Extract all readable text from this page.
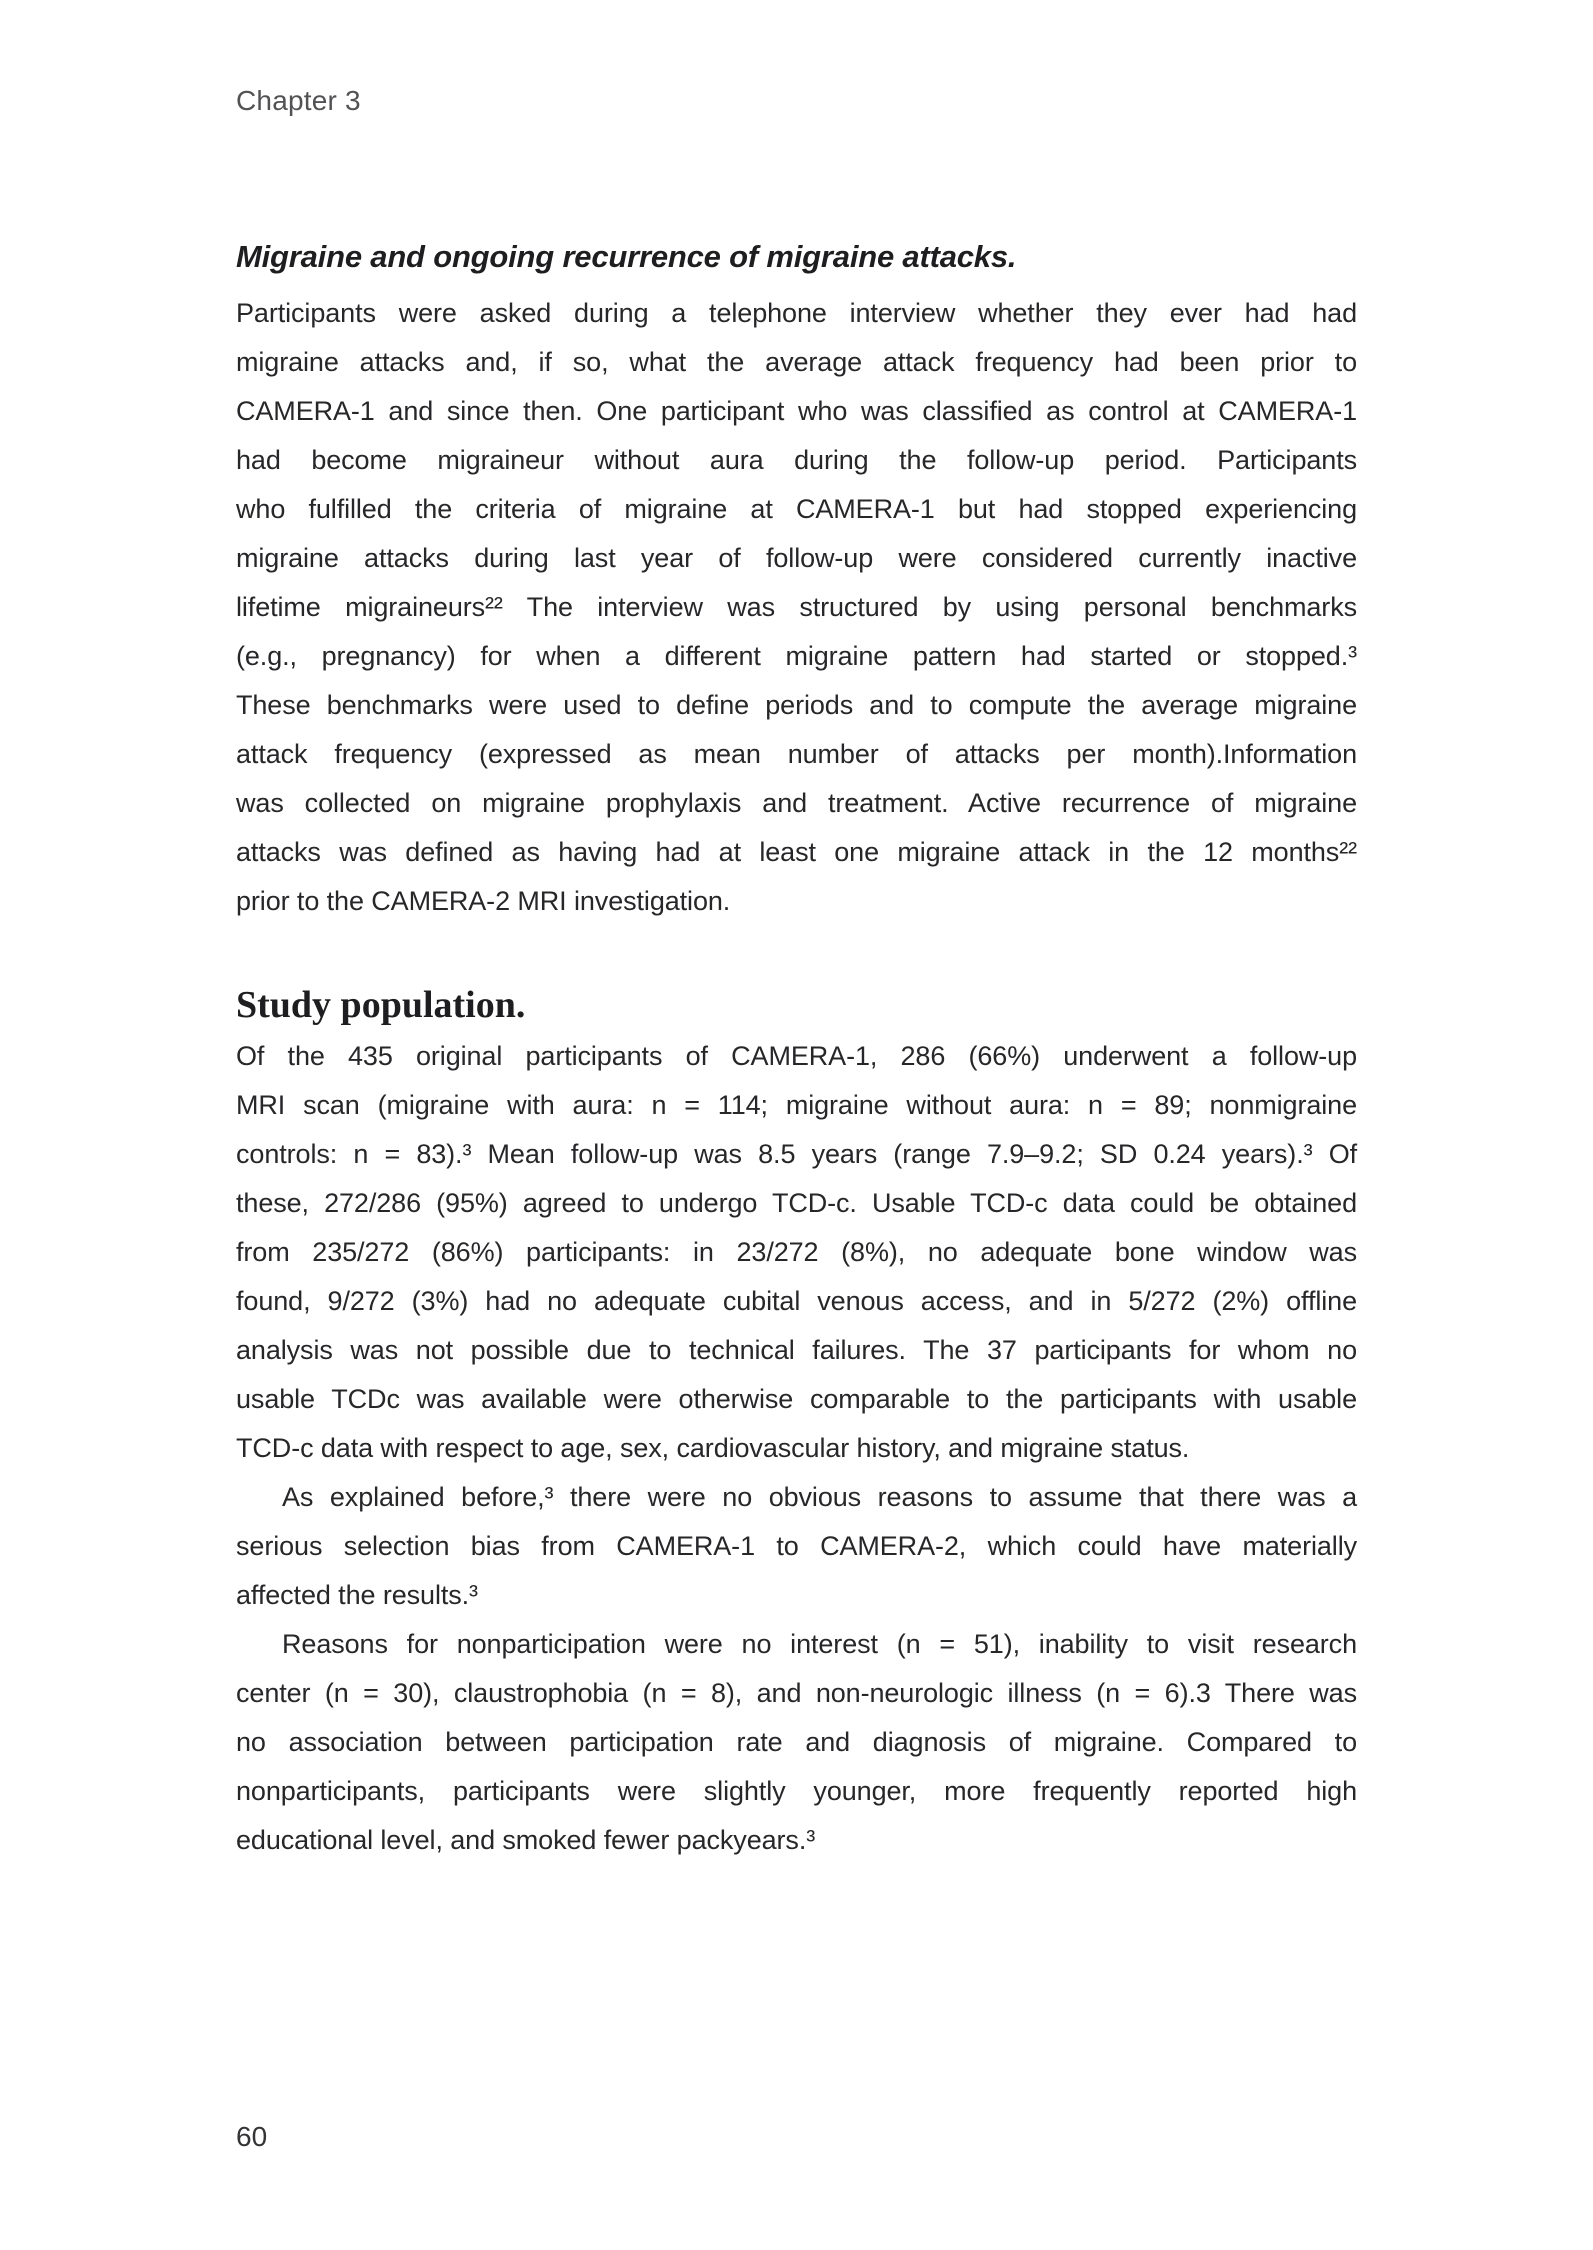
Chapter 3
Migraine and ongoing recurrence of migraine attacks.
Participants were asked during a telephone interview whether they ever had had
migraine attacks and, if so, what the average attack frequency had been prior to
CAMERA-1 and since then. One participant who was classified as control at CAMERA-1
had become migraineur without aura during the follow-up period. Participants
who fulfilled the criteria of migraine at CAMERA-1 but had stopped experiencing
migraine attacks during last year of follow-up were considered currently inactive
lifetime migraineurs²² The interview was structured by using personal benchmarks
(e.g., pregnancy) for when a different migraine pattern had started or stopped.³
These benchmarks were used to define periods and to compute the average migraine
attack frequency (expressed as mean number of attacks per month).Information
was collected on migraine prophylaxis and treatment. Active recurrence of migraine
attacks was defined as having had at least one migraine attack in the 12 months²²
prior to the CAMERA-2 MRI investigation.
Study population.
Of the 435 original participants of CAMERA-1, 286 (66%) underwent a follow-up
MRI scan (migraine with aura: n = 114; migraine without aura: n = 89; nonmigraine
controls: n = 83).³ Mean follow-up was 8.5 years (range 7.9–9.2; SD 0.24 years).³ Of
these, 272/286 (95%) agreed to undergo TCD-c. Usable TCD-c data could be obtained
from 235/272 (86%) participants: in 23/272 (8%), no adequate bone window was
found, 9/272 (3%) had no adequate cubital venous access, and in 5/272 (2%) offline
analysis was not possible due to technical failures. The 37 participants for whom no
usable TCDc was available were otherwise comparable to the participants with usable
TCD-c data with respect to age, sex, cardiovascular history, and migraine status.
As explained before,³ there were no obvious reasons to assume that there was a
serious selection bias from CAMERA-1 to CAMERA-2, which could have materially
affected the results.³
Reasons for nonparticipation were no interest (n = 51), inability to visit research
center (n = 30), claustrophobia (n = 8), and non-neurologic illness (n = 6).3 There was
no association between participation rate and diagnosis of migraine. Compared to
nonparticipants, participants were slightly younger, more frequently reported high
educational level, and smoked fewer packyears.³
60
